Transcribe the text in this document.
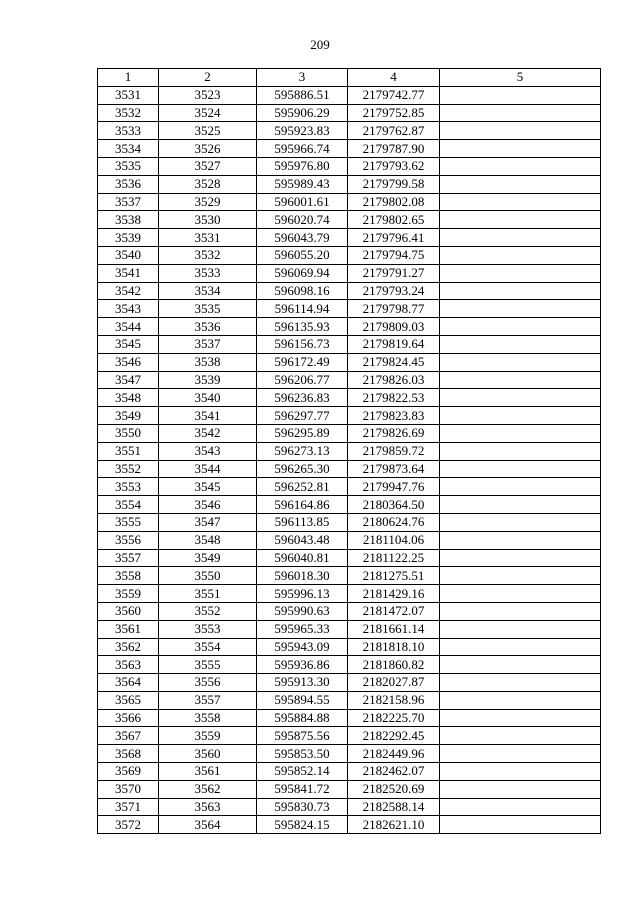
209
1	2	3	4	5
3531	3523	595886.51	2179742.77	
3532	3524	595906.29	2179752.85	
3533	3525	595923.83	2179762.87	
3534	3526	595966.74	2179787.90	
3535	3527	595976.80	2179793.62	
3536	3528	595989.43	2179799.58	
3537	3529	596001.61	2179802.08	
3538	3530	596020.74	2179802.65	
3539	3531	596043.79	2179796.41	
3540	3532	596055.20	2179794.75	
3541	3533	596069.94	2179791.27	
3542	3534	596098.16	2179793.24	
3543	3535	596114.94	2179798.77	
3544	3536	596135.93	2179809.03	
3545	3537	596156.73	2179819.64	
3546	3538	596172.49	2179824.45	
3547	3539	596206.77	2179826.03	
3548	3540	596236.83	2179822.53	
3549	3541	596297.77	2179823.83	
3550	3542	596295.89	2179826.69	
3551	3543	596273.13	2179859.72	
3552	3544	596265.30	2179873.64	
3553	3545	596252.81	2179947.76	
3554	3546	596164.86	2180364.50	
3555	3547	596113.85	2180624.76	
3556	3548	596043.48	2181104.06	
3557	3549	596040.81	2181122.25	
3558	3550	596018.30	2181275.51	
3559	3551	595996.13	2181429.16	
3560	3552	595990.63	2181472.07	
3561	3553	595965.33	2181661.14	
3562	3554	595943.09	2181818.10	
3563	3555	595936.86	2181860.82	
3564	3556	595913.30	2182027.87	
3565	3557	595894.55	2182158.96	
3566	3558	595884.88	2182225.70	
3567	3559	595875.56	2182292.45	
3568	3560	595853.50	2182449.96	
3569	3561	595852.14	2182462.07	
3570	3562	595841.72	2182520.69	
3571	3563	595830.73	2182588.14	
3572	3564	595824.15	2182621.10	
